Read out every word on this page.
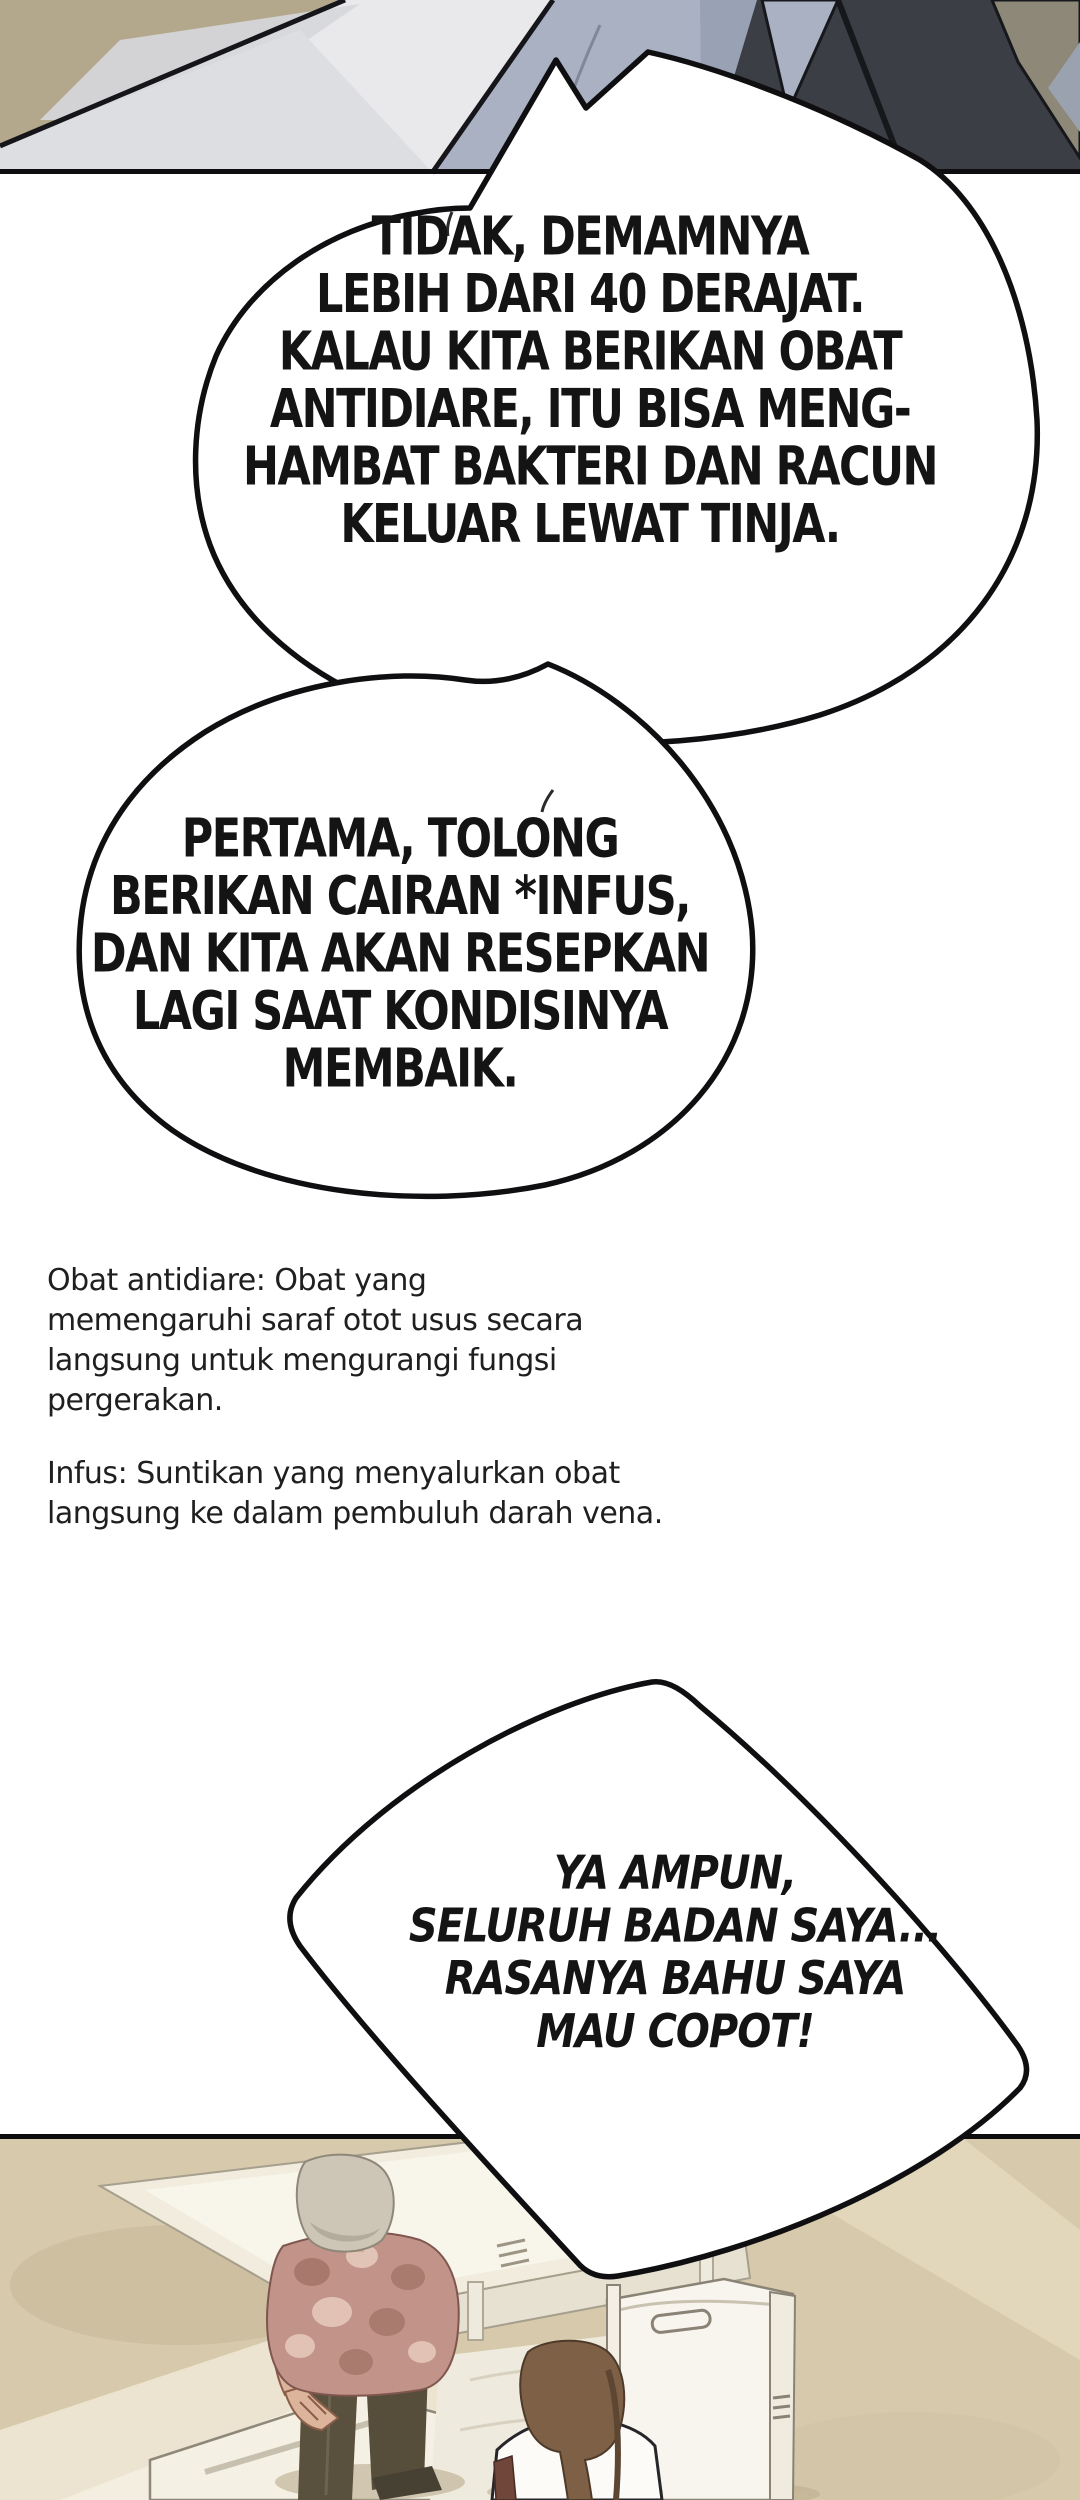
TIDAK, DEMAMNYA
LEBIH DARI 40 DERAJAT.
KALAU KITA BERIKAN OBAT
ANTIDIARE, ITU BISA MENG-
HAMBAT BAKTERI DAN RACUN
KELUAR LEWAT TINJA.
PERTAMA, TOLONG
BERIKAN CAIRAN *INFUS,
DAN KITA AKAN RESEPKAN
LAGI SAAT KONDISINYA
MEMBAIK.
Obat antidiare: Obat yang
memengaruhi saraf otot usus secara
langsung untuk mengurangi fungsi
pergerakan.
Infus: Suntikan yang menyalurkan obat
langsung ke dalam pembuluh darah vena.
YA AMPUN,
SELURUH BADAN SAYA...
RASANYA BAHU SAYA
MAU COPOT!
